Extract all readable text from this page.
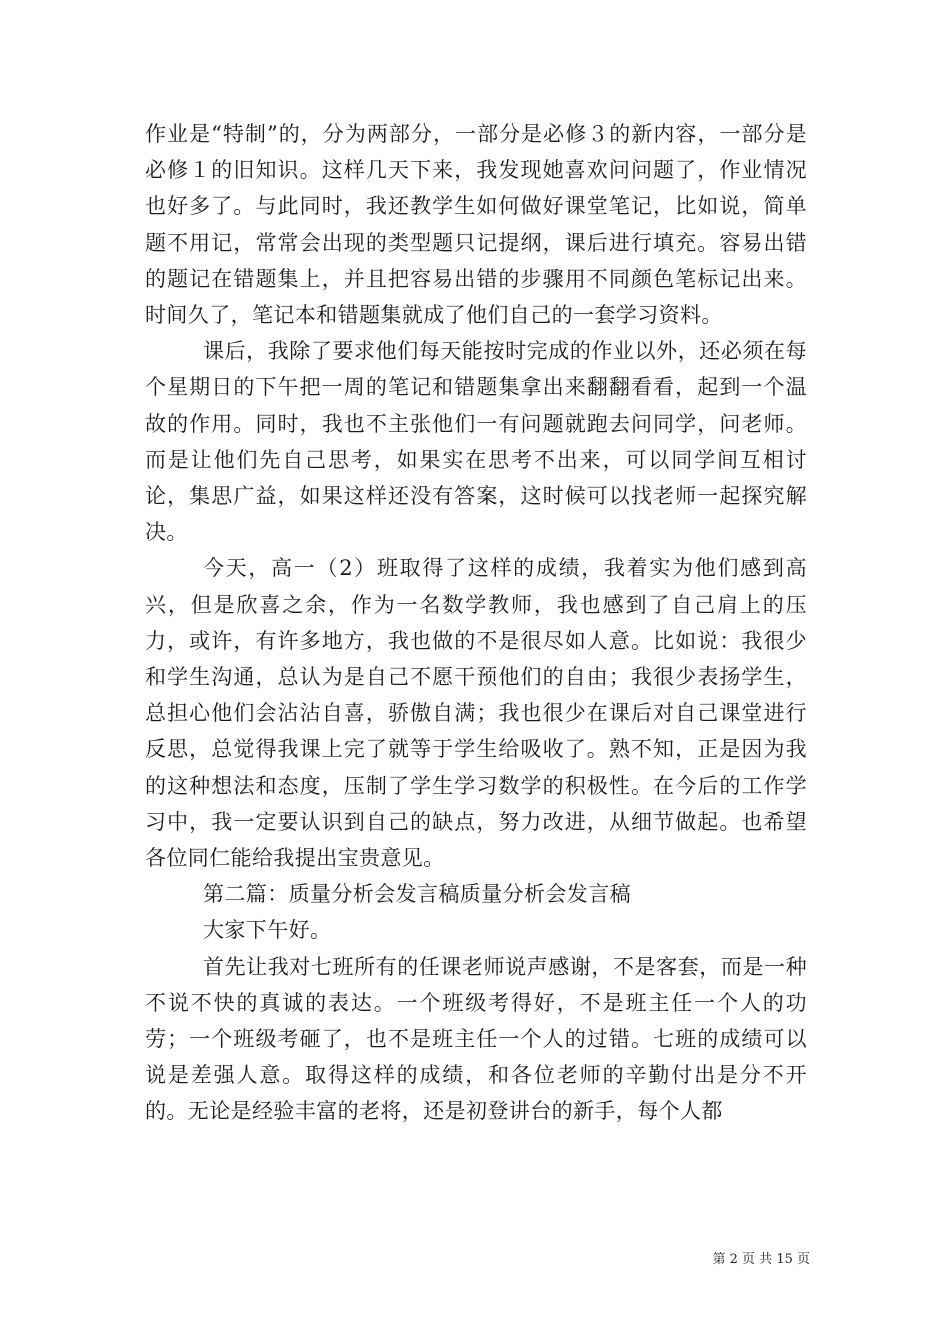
作业是“特制”的，分为两部分，一部分是必修３的新内容，一部分是必修１的旧知识。这样几天下来，我发现她喜欢问问题了，作业情况也好多了。与此同时，我还教学生如何做好课堂笔记，比如说，简单题不用记，常常会出现的类型题只记提纲，课后进行填充。容易出错的题记在错题集上，并且把容易出错的步骤用不同颜色笔标记出来。时间久了，笔记本和错题集就成了他们自己的一套学习资料。

课后，我除了要求他们每天能按时完成的作业以外，还必须在每个星期日的下午把一周的笔记和错题集拿出来翻翻看看，起到一个温故的作用。同时，我也不主张他们一有问题就跑去问同学，问老师。而是让他们先自己思考，如果实在思考不出来，可以同学间互相讨论，集思广益，如果这样还没有答案，这时候可以找老师一起探究解决。

今天，高一（2）班取得了这样的成绩，我着实为他们感到高兴，但是欣喜之余，作为一名数学教师，我也感到了自己肩上的压力，或许，有许多地方，我也做的不是很尽如人意。比如说：我很少和学生沟通，总认为是自己不愿干预他们的自由；我很少表扬学生，总担心他们会沾沾自喜，骄傲自满；我也很少在课后对自己课堂进行反思，总觉得我课上完了就等于学生给吸收了。熟不知，正是因为我的这种想法和态度，压制了学生学习数学的积极性。在今后的工作学习中，我一定要认识到自己的缺点，努力改进，从细节做起。也希望各位同仁能给我提出宝贵意见。

第二篇：质量分析会发言稿质量分析会发言稿

大家下午好。

首先让我对七班所有的任课老师说声感谢，不是客套，而是一种不说不快的真诚的表达。一个班级考得好，不是班主任一个人的功劳；一个班级考砸了，也不是班主任一个人的过错。七班的成绩可以说是差强人意。取得这样的成绩，和各位老师的辛勤付出是分不开的。无论是经验丰富的老将，还是初登讲台的新手，每个人都

第 2 页 共 15 页
